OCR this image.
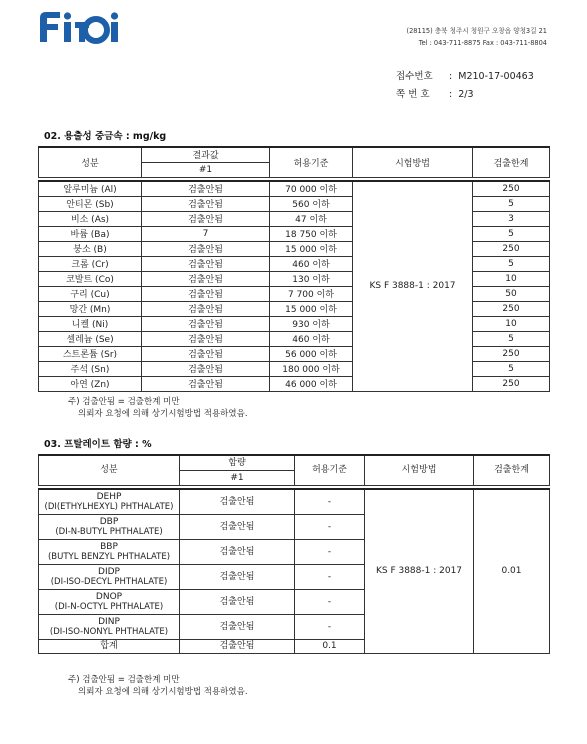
(28115) 충북 청주시 청원구 오창읍 양청3길 21
Tel : 043-711-8875 Fax : 043-711-8804
접수번호 :  M210-17-00463
쪽 번 호 :  2/3
02. 용출성 중금속 : mg/kg
성분	결과값	허용기준	시험방법	검출한계
	#1			

알루미늄 (Al)	검출안됨	70 000 이하	KS F 3888-1 : 2017	250
안티몬 (Sb)	검출안됨	560 이하		5
비소 (As)	검출안됨	47 이하		3
바륨 (Ba)	7	18 750 이하		5
붕소 (B)	검출안됨	15 000 이하		250
크롬 (Cr)	검출안됨	460 이하		5
코발트 (Co)	검출안됨	130 이하		10
구리 (Cu)	검출안됨	7 700 이하		50
망간 (Mn)	검출안됨	15 000 이하		250
니켈 (Ni)	검출안됨	930 이하		10
셀레늄 (Se)	검출안됨	460 이하		5
스트론튬 (Sr)	검출안됨	56 000 이하		250
주석 (Sn)	검출안됨	180 000 이하		5
아연 (Zn)	검출안됨	46 000 이하		250
주) 검출안됨 = 검출한계 미만
의뢰자 요청에 의해 상기시험방법 적용하였음.
03. 프탈레이트 함량 : %
성분	함량	허용기준	시험방법	검출한계
	#1			

DEHP
(DI(ETHYLHEXYL) PHTHALATE)	검출안됨	-	KS F 3888-1 : 2017	0.01

DBP
(DI-N-BUTYL PHTHALATE)	검출안됨	-		

BBP
(BUTYL BENZYL PHTHALATE)	검출안됨	-		

DIDP
(DI-ISO-DECYL PHTHALATE)	검출안됨	-		

DNOP
(DI-N-OCTYL PHTHALATE)	검출안됨	-		

DINP
(DI-ISO-NONYL PHTHALATE)	검출안됨	-		
합계	검출안됨	0.1		
주) 검출안됨 = 검출한계 미만
의뢰자 요청에 의해 상기시험방법 적용하였음.
